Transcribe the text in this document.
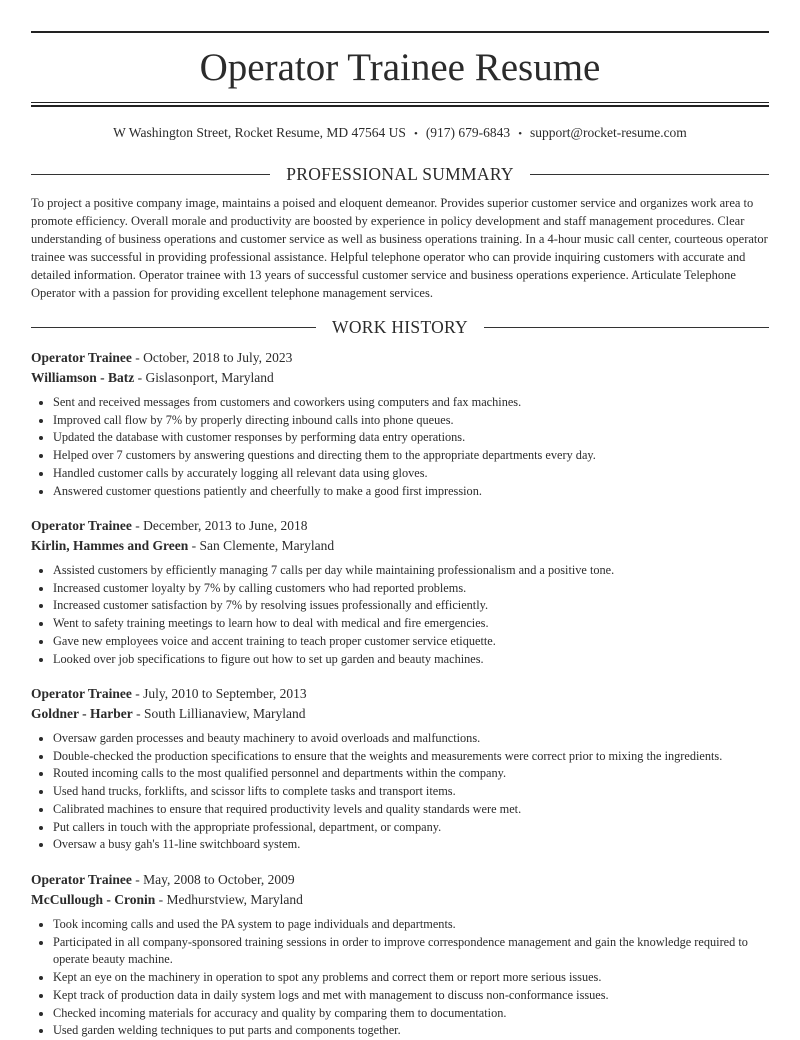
Operator Trainee Resume
W Washington Street, Rocket Resume, MD 47564 US • (917) 679-6843 • support@rocket-resume.com
PROFESSIONAL SUMMARY
To project a positive company image, maintains a poised and eloquent demeanor. Provides superior customer service and organizes work area to promote efficiency. Overall morale and productivity are boosted by experience in policy development and staff management procedures. Clear understanding of business operations and customer service as well as business operations training. In a 4-hour music call center, courteous operator trainee was successful in providing professional assistance. Helpful telephone operator who can provide inquiring customers with accurate and detailed information. Operator trainee with 13 years of successful customer service and business operations experience. Articulate Telephone Operator with a passion for providing excellent telephone management services.
WORK HISTORY
Operator Trainee - October, 2018 to July, 2023
Williamson - Batz - Gislasonport, Maryland
• Sent and received messages from customers and coworkers using computers and fax machines.
• Improved call flow by 7% by properly directing inbound calls into phone queues.
• Updated the database with customer responses by performing data entry operations.
• Helped over 7 customers by answering questions and directing them to the appropriate departments every day.
• Handled customer calls by accurately logging all relevant data using gloves.
• Answered customer questions patiently and cheerfully to make a good first impression.
Operator Trainee - December, 2013 to June, 2018
Kirlin, Hammes and Green - San Clemente, Maryland
• Assisted customers by efficiently managing 7 calls per day while maintaining professionalism and a positive tone.
• Increased customer loyalty by 7% by calling customers who had reported problems.
• Increased customer satisfaction by 7% by resolving issues professionally and efficiently.
• Went to safety training meetings to learn how to deal with medical and fire emergencies.
• Gave new employees voice and accent training to teach proper customer service etiquette.
• Looked over job specifications to figure out how to set up garden and beauty machines.
Operator Trainee - July, 2010 to September, 2013
Goldner - Harber - South Lillianaview, Maryland
• Oversaw garden processes and beauty machinery to avoid overloads and malfunctions.
• Double-checked the production specifications to ensure that the weights and measurements were correct prior to mixing the ingredients.
• Routed incoming calls to the most qualified personnel and departments within the company.
• Used hand trucks, forklifts, and scissor lifts to complete tasks and transport items.
• Calibrated machines to ensure that required productivity levels and quality standards were met.
• Put callers in touch with the appropriate professional, department, or company.
• Oversaw a busy gah's 11-line switchboard system.
Operator Trainee - May, 2008 to October, 2009
McCullough - Cronin - Medhurstview, Maryland
• Took incoming calls and used the PA system to page individuals and departments.
• Participated in all company-sponsored training sessions in order to improve correspondence management and gain the knowledge required to operate beauty machine.
• Kept an eye on the machinery in operation to spot any problems and correct them or report more serious issues.
• Kept track of production data in daily system logs and met with management to discuss non-conformance issues.
• Checked incoming materials for accuracy and quality by comparing them to documentation.
• Used garden welding techniques to put parts and components together.
